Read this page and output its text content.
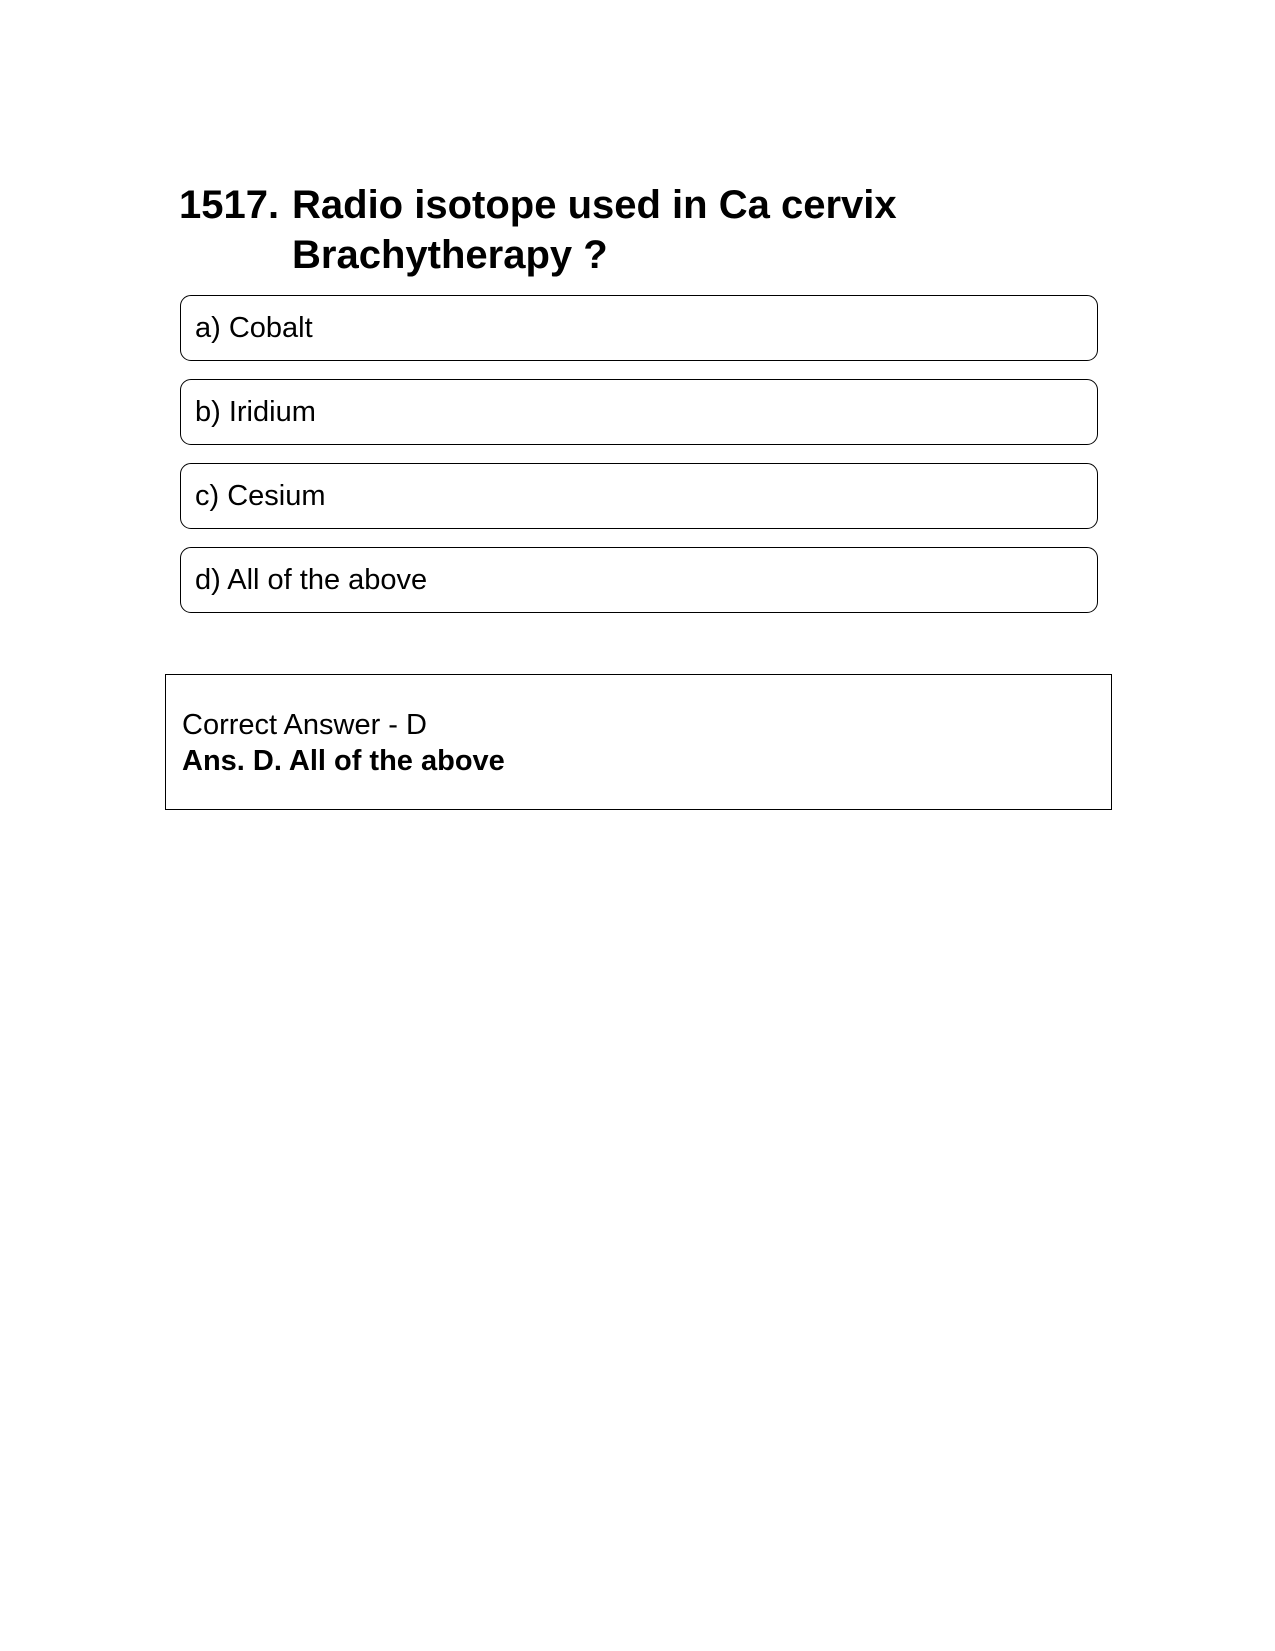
1517. Radio isotope used in Ca cervix Brachytherapy ?
a) Cobalt
b) Iridium
c) Cesium
d) All of the above
Correct Answer - D
Ans. D. All of the above
